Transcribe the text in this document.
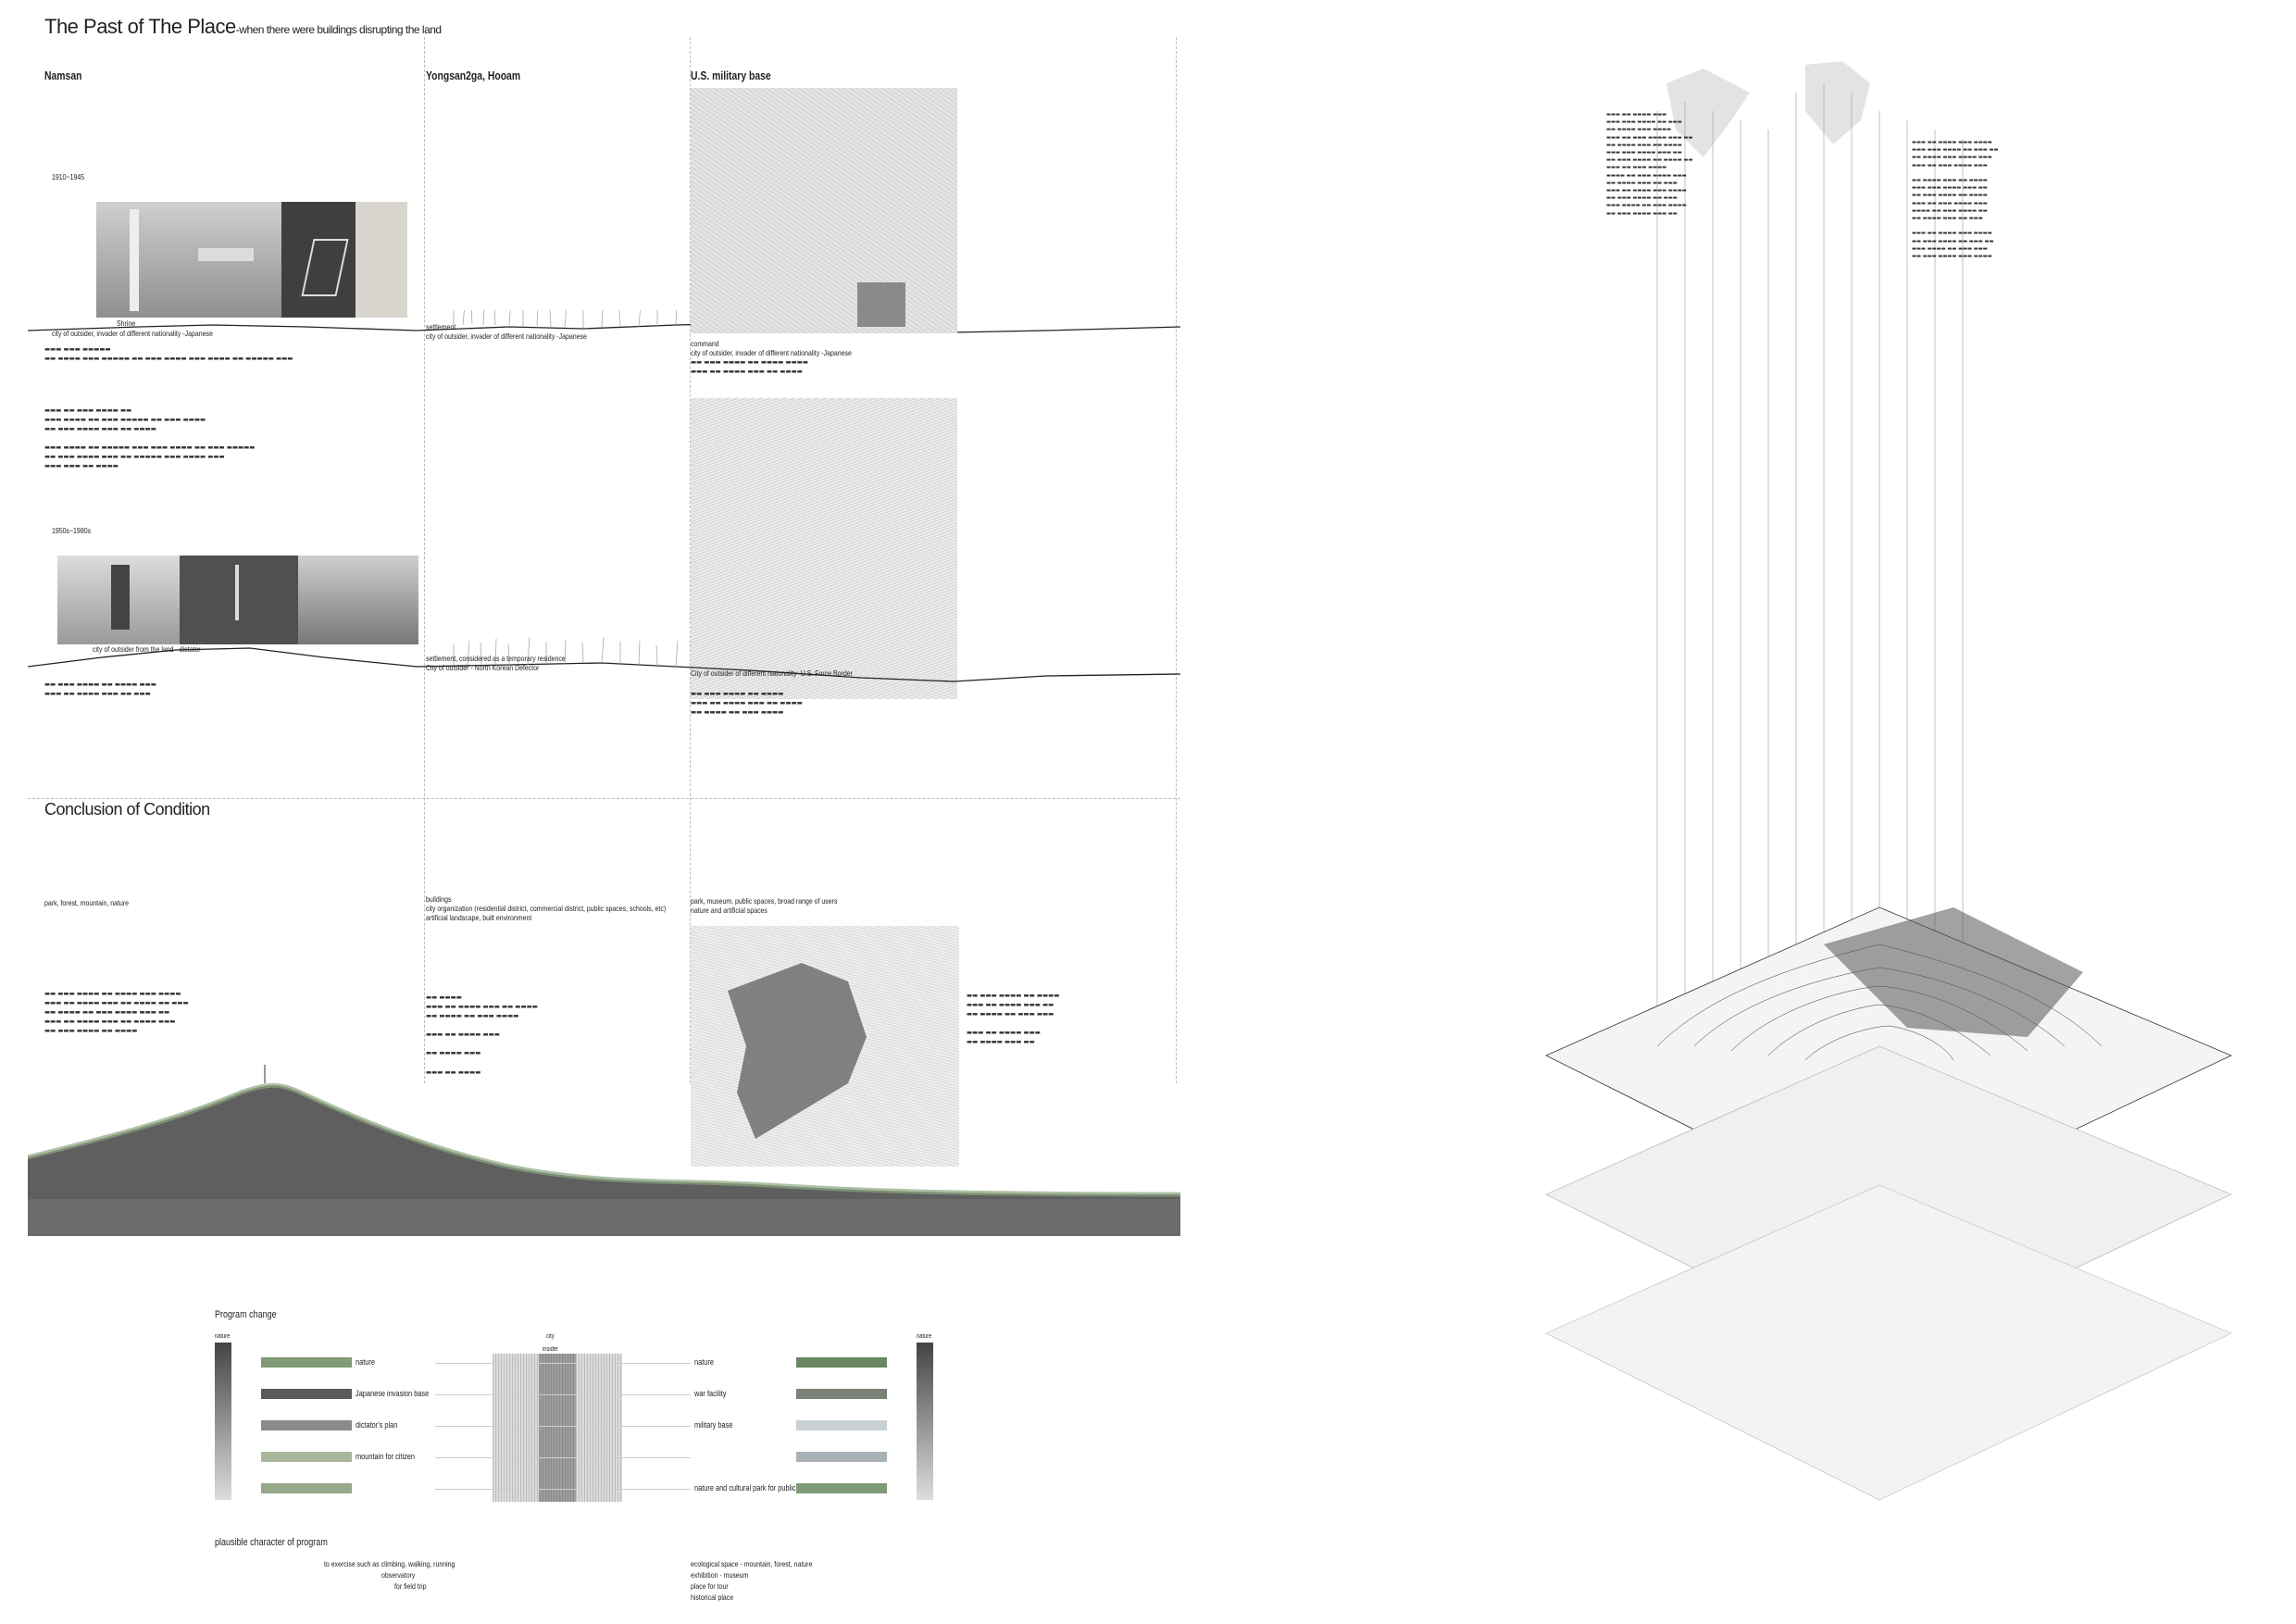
The Past of The Place-when there were buildings disrupting the land
Namsan	Yongsan2ga, Hooam	U.S. military base
1910~1945
1950s~1980s
Shrine
city of outsider, invader of different nationality -Japanese
settlement
city of outsider, invader of different nationality -Japanese
▬▬▬ ▬▬▬ ▬▬▬▬▬
▬▬ ▬▬▬▬ ▬▬▬ ▬▬▬▬▬ ▬▬ ▬▬▬ ▬▬▬▬ ▬▬▬ ▬▬▬▬ ▬▬ ▬▬▬▬▬ ▬▬▬
▬▬▬ ▬▬ ▬▬▬ ▬▬▬▬ ▬▬
▬▬▬ ▬▬▬▬ ▬▬ ▬▬▬ ▬▬▬▬▬ ▬▬ ▬▬▬ ▬▬▬▬
▬▬ ▬▬▬ ▬▬▬▬ ▬▬▬ ▬▬ ▬▬▬▬

▬▬▬ ▬▬▬▬ ▬▬ ▬▬▬▬▬ ▬▬▬ ▬▬▬ ▬▬▬▬ ▬▬ ▬▬▬ ▬▬▬▬▬
▬▬ ▬▬▬ ▬▬▬▬ ▬▬▬ ▬▬ ▬▬▬▬▬ ▬▬▬ ▬▬▬▬ ▬▬▬
▬▬▬ ▬▬▬ ▬▬ ▬▬▬▬
command
city of outsider, invader of different nationality -Japanese
▬▬ ▬▬▬ ▬▬▬▬ ▬▬ ▬▬▬▬ ▬▬▬▬
▬▬▬ ▬▬ ▬▬▬▬ ▬▬▬ ▬▬ ▬▬▬▬
city of outsider from the land - dictator
settlement, considered as a temporary residence
City of outsider - North Korean Defector
City of outsider of different nationality -U.S. Force Border
▬▬ ▬▬▬ ▬▬▬▬ ▬▬ ▬▬▬▬ ▬▬▬
▬▬▬ ▬▬ ▬▬▬▬ ▬▬▬ ▬▬ ▬▬▬	▬▬ ▬▬▬ ▬▬▬▬ ▬▬ ▬▬▬▬
▬▬▬ ▬▬ ▬▬▬▬ ▬▬▬ ▬▬ ▬▬▬▬
▬▬ ▬▬▬▬ ▬▬ ▬▬▬ ▬▬▬▬
Conclusion of Condition
park, forest, mountain, nature	buildings
city organization (residential district, commercial district, public spaces, schools, etc)
artificial landscape, built environment
park, museum, public spaces, broad range of users
nature and artificial spaces
▬▬ ▬▬▬ ▬▬▬▬ ▬▬ ▬▬▬▬ ▬▬▬ ▬▬▬▬
▬▬▬ ▬▬ ▬▬▬▬ ▬▬▬ ▬▬ ▬▬▬▬ ▬▬ ▬▬▬
▬▬ ▬▬▬▬ ▬▬ ▬▬▬ ▬▬▬▬ ▬▬▬ ▬▬
▬▬▬ ▬▬ ▬▬▬▬ ▬▬▬ ▬▬ ▬▬▬▬ ▬▬▬
▬▬ ▬▬▬ ▬▬▬▬ ▬▬ ▬▬▬▬
▬▬ ▬▬▬▬
▬▬▬ ▬▬ ▬▬▬▬ ▬▬▬ ▬▬ ▬▬▬▬
▬▬ ▬▬▬▬ ▬▬ ▬▬▬ ▬▬▬▬

▬▬▬ ▬▬ ▬▬▬▬ ▬▬▬

▬▬ ▬▬▬▬ ▬▬▬

▬▬▬ ▬▬ ▬▬▬▬
▬▬ ▬▬▬ ▬▬▬▬ ▬▬ ▬▬▬▬
▬▬▬ ▬▬ ▬▬▬▬ ▬▬▬ ▬▬
▬▬ ▬▬▬▬ ▬▬ ▬▬▬ ▬▬▬

▬▬▬ ▬▬ ▬▬▬▬ ▬▬▬
▬▬ ▬▬▬▬ ▬▬▬ ▬▬
Program change
nature	nature
city
insider
nature	nature
Japanese invasion base	war facility
dictator's plan	military base
mountain for citizen
nature and cultural park for public
plausible character of program
to exercise such as climbing, walking, running
observatory
for field trip
ecological space - mountain, forest, nature
exhibition · museum
place for tour
historical place
▬▬▬ ▬▬ ▬▬▬▬ ▬▬▬
▬▬▬ ▬▬▬ ▬▬▬▬ ▬▬ ▬▬▬
▬▬ ▬▬▬▬ ▬▬▬ ▬▬▬▬
▬▬▬ ▬▬ ▬▬▬ ▬▬▬▬ ▬▬▬ ▬▬
▬▬ ▬▬▬▬ ▬▬▬ ▬▬ ▬▬▬▬
▬▬▬ ▬▬▬ ▬▬▬▬ ▬▬▬ ▬▬
▬▬ ▬▬▬ ▬▬▬▬ ▬▬ ▬▬▬▬ ▬▬
▬▬▬ ▬▬ ▬▬▬ ▬▬▬▬
▬▬▬▬ ▬▬ ▬▬▬ ▬▬▬▬ ▬▬▬
▬▬ ▬▬▬▬ ▬▬▬ ▬▬ ▬▬▬
▬▬▬ ▬▬ ▬▬▬▬ ▬▬▬ ▬▬▬▬
▬▬ ▬▬▬ ▬▬▬▬ ▬▬ ▬▬▬
▬▬▬ ▬▬▬▬ ▬▬ ▬▬▬ ▬▬▬▬
▬▬ ▬▬▬ ▬▬▬▬ ▬▬▬ ▬▬
▬▬▬ ▬▬ ▬▬▬▬ ▬▬▬ ▬▬▬▬
▬▬▬ ▬▬▬ ▬▬▬▬ ▬▬ ▬▬▬ ▬▬
▬▬ ▬▬▬▬ ▬▬▬ ▬▬▬▬ ▬▬▬
▬▬▬ ▬▬ ▬▬▬ ▬▬▬▬ ▬▬▬

▬▬ ▬▬▬▬ ▬▬▬ ▬▬ ▬▬▬▬
▬▬▬ ▬▬▬ ▬▬▬▬ ▬▬▬ ▬▬
▬▬ ▬▬▬ ▬▬▬▬ ▬▬ ▬▬▬▬
▬▬▬ ▬▬ ▬▬▬ ▬▬▬▬ ▬▬▬
▬▬▬▬ ▬▬ ▬▬▬ ▬▬▬▬ ▬▬
▬▬ ▬▬▬▬ ▬▬▬ ▬▬ ▬▬▬

▬▬▬ ▬▬ ▬▬▬▬ ▬▬▬ ▬▬▬▬
▬▬ ▬▬▬ ▬▬▬▬ ▬▬ ▬▬▬ ▬▬
▬▬▬ ▬▬▬▬ ▬▬ ▬▬▬ ▬▬▬
▬▬ ▬▬▬ ▬▬▬▬ ▬▬▬ ▬▬▬▬
